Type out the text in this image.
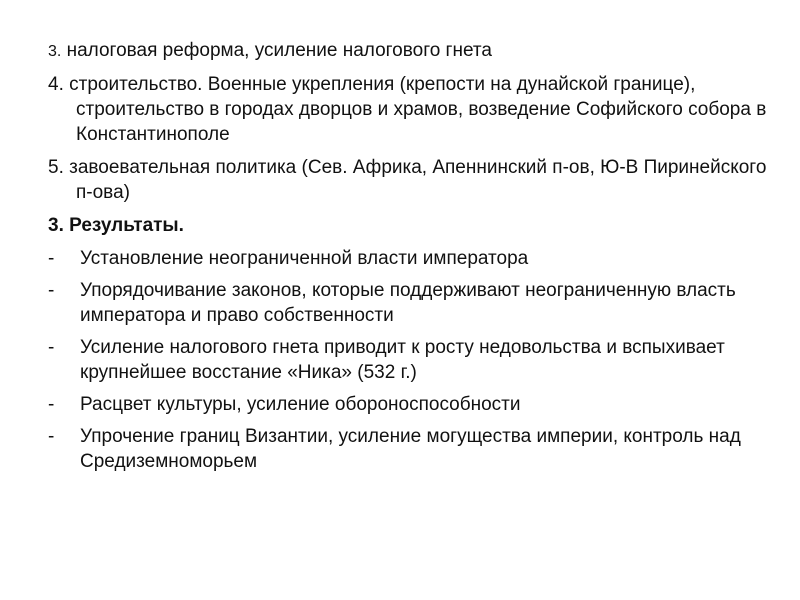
3. налоговая реформа, усиление налогового гнета

4. строительство. Военные укрепления (крепости на дунайской границе), строительство в городах дворцов и храмов, возведение Софийского собора в Константинополе

5. завоевательная политика (Сев. Африка, Апеннинский п-ов, Ю-В Пиринейского п-ова)

3. Результаты.

-	Установление неограниченной власти императора

-	Упорядочивание законов, которые поддерживают неограниченную власть императора и право собственности

-	Усиление налогового гнета приводит к росту недовольства и вспыхивает крупнейшее восстание «Ника» (532 г.)

-	Расцвет культуры, усиление обороноспособности

-	Упрочение границ Византии, усиление могущества империи, контроль над Средиземноморьем
